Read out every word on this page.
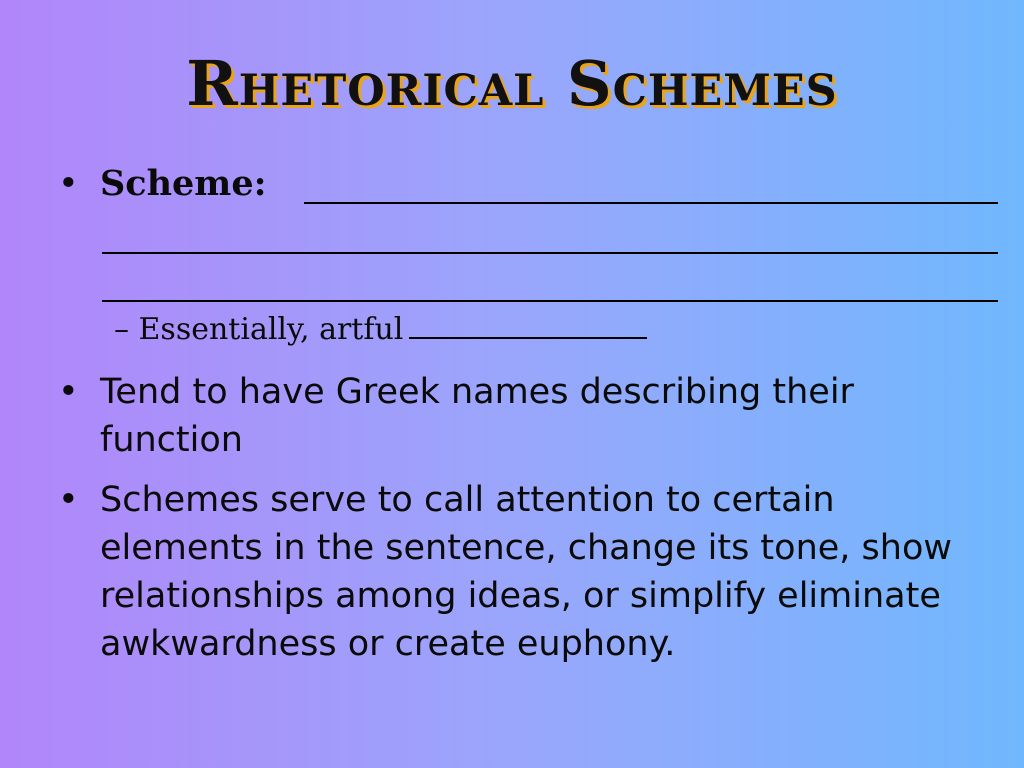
Rhetorical Schemes
• Scheme:
– Essentially, artful
• Tend to have Greek names describing their function
• Schemes serve to call attention to certain elements in the sentence, change its tone, show relationships among ideas, or simplify eliminate awkwardness or create euphony.
